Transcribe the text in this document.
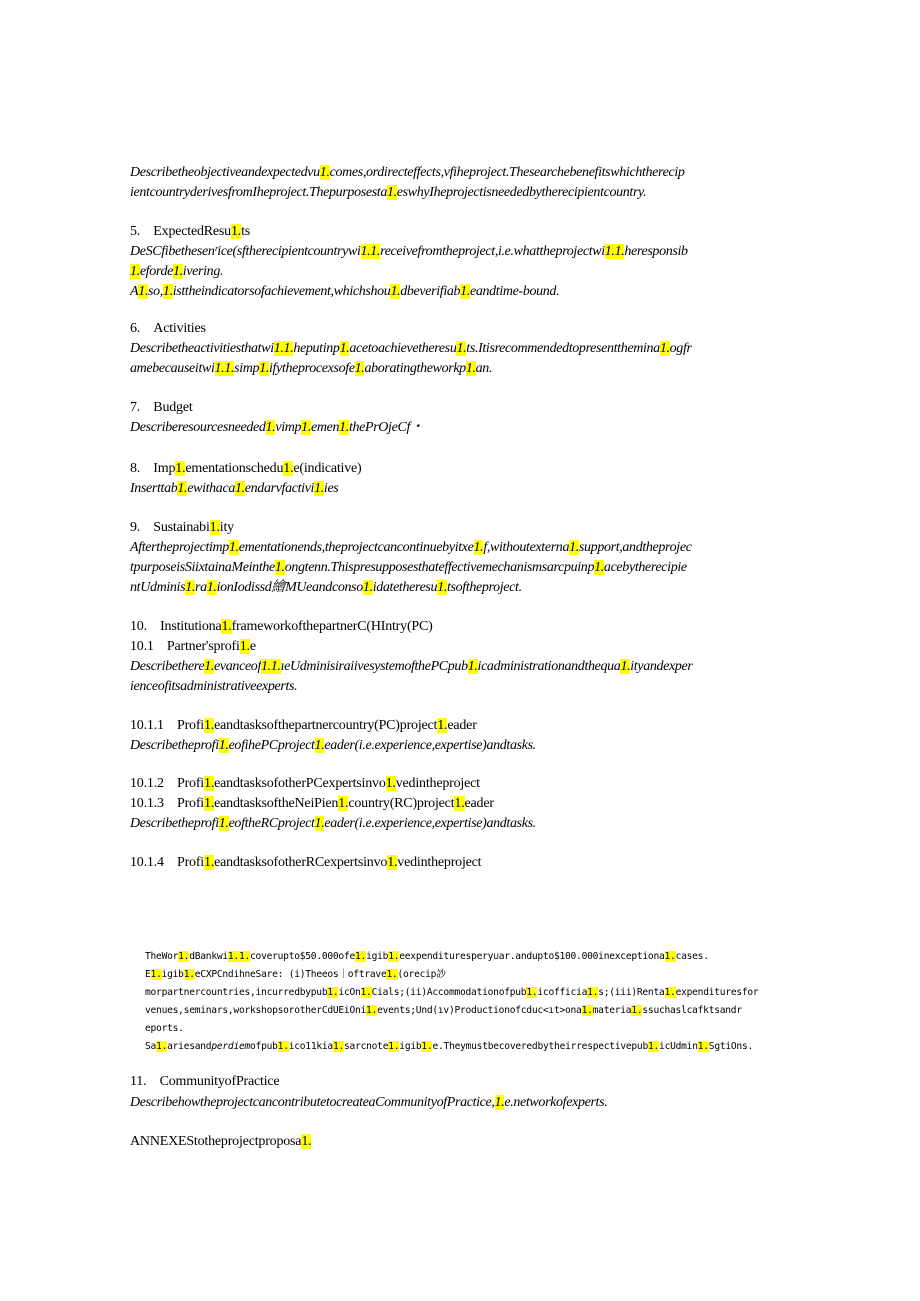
Describetheobjectiveandexpectedvu1.comes,ordirecteffects,vfiheproject.Thesearchebenefitswhichtherecip
ientcountryderivesfromIheproject.Thepurposesta1.eswhyIheprojectisneededbytherecipientcountry.
5.    ExpectedResu1.ts
DeSCfibethesenʳice(sftherecipientcountrywi1.1.receivefromtheproject,i.e.whattheprojectwi1.1.heresponsib
1.eforde1.ivering.
A1.so,1.isttheindicatorsofachievement,whichshou1.dbeverifiab1.eandtime-bound.
6.    Activities
Describetheactivitiesthatwi1.1.heputinp1.acetoachievetheresu1.ts.Itisrecommendedtopresentthemina1.ogfr
amebecauseitwi1.1.simp1.ifytheprocexsofe1.aboratingtheworkp1.an.
7.    Budget
Describeresourcesneeded1.vimp1.emen1.thePrOjeCf・
8.    Imp1.ementationschedu1.e(indicative)
Inserttab1.ewithaca1.endarvfactivi1.ies
9.    Sustainabi1.ity
Aftertheprojectimp1.ementationends,theprojectcancontinuebyitxe1.f,withoutexterna1.support,andtheprojec
tpurposeisSiixtainaMeinthe1.ongtenn.Thispresupposesthateffectivemechanismsarcpuinp1.acebytherecipie
ntUdminis1.ra1.ionIodissd繪MUeandconso1.idatetheresu1.tsoftheproject.
10.    Institutiona1.frameworkofthepartnerC(HIntry(PC)
10.1    Partner'sprofi1.e
Describethere1.evanceof1.1.ıeUdminisiraiivesystemofthePCpub1.icadministrationandthequa1.ityandexper
ienceofitsadministrativeexperts.
10.1.1    Profi1.eandtasksofthepartnercountry(PC)project1.eader
Describetheprofi1.eofihePCproject1.eader(i.e.experience,expertise)andtasks.
10.1.2    Profi1.eandtasksofotherPCexpertsinvo1.vedintheproject
10.1.3    Profi1.eandtasksoftheNeiPien1.country(RC)project1.eader
Describetheprofi1.eoftheRCproject1.eader(i.e.experience,expertise)andtasks.
10.1.4    Profi1.eandtasksofotherRCexpertsinvo1.vedintheproject
TheWor1.dBankwi1.1.coverupto$50.000ofe1.igib1.eexpenditurespery∪ar.andupto$100.000inexceptiona1.cases.
E1.igib1.eCXPCndihneSare: (i)Theeos｜oftrave1.(orecip訬
morpartnercountries,incurredbypub1.icOn1.Cials;(ii)Accommodationofpub1.icofficia1.s;(iii)Renta1.expendituresfor
venues,seminars,workshopsorotherCdUEiOni1.events;Und(ıv)Productionofcduc<ıt>ona1.materia1.ssuchaslcafktsandr
eports.
Sa1.ariesandperdiemofpub1.ico11kia1.sarcnote1.igib1.e.Theymustbecoveredbytheirrespectivepub1.icUdmin1.SgtiOns.
11.    CommunityofPractice
DescribehowtheprojectcancontributetocreateaCommunityofPractice,1.e.networkofexperts.
ANNEXEStotheprojectproposa1.
